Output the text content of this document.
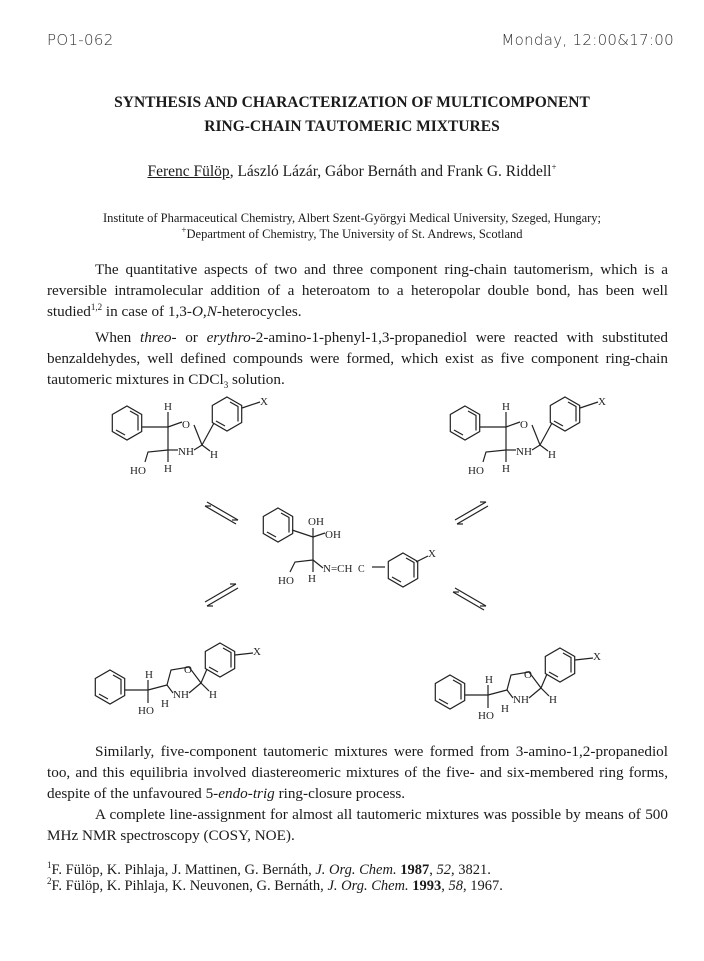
PO1-062	Monday, 12:00&17:00
SYNTHESIS AND CHARACTERIZATION OF MULTICOMPONENT
RING-CHAIN TAUTOMERIC MIXTURES
Ferenc Fülöp, László Lázár, Gábor Bernáth and Frank G. Riddell+
Institute of Pharmaceutical Chemistry, Albert Szent-Györgyi Medical University, Szeged, Hungary;
+Department of Chemistry, The University of St. Andrews, Scotland

The quantitative aspects of two and three component ring-chain tautomerism, which is a reversible intramolecular addition of a heteroatom to a heteropolar double bond, has been well studied$^{1,2}$ in case of 1,3-O,N-heterocycles.

When threo- or erythro-2-amino-1-phenyl-1,3-propanediol were reacted with substituted benzaldehydes, well defined compounds were formed, which exist as five component ring-chain tautomeric mixtures in CDCl$_3$ solution.

H
O
NH H
H
HO
X	H
O
NH H
H
HO
X
OH
OH
N=CH C
H
HO
X
H
NH
H
H
HO
O
X
H
NH
H
H
HO
O
X

Similarly, five-component tautomeric mixtures were formed from 3-amino-1,2-propanediol too, and this equilibria involved diastereomeric mixtures of the five- and six-membered ring forms, despite of the unfavoured 5-endo-trig ring-closure process.

A complete line-assignment for almost all tautomeric mixtures was possible by means of 500 MHz NMR spectroscopy (COSY, NOE).

$^1$F. Fülöp, K. Pihlaja, J. Mattinen, G. Bernáth, J. Org. Chem. 1987, 52, 3821.
$^2$F. Fülöp, K. Pihlaja, K. Neuvonen, G. Bernáth, J. Org. Chem. 1993, 58, 1967.
